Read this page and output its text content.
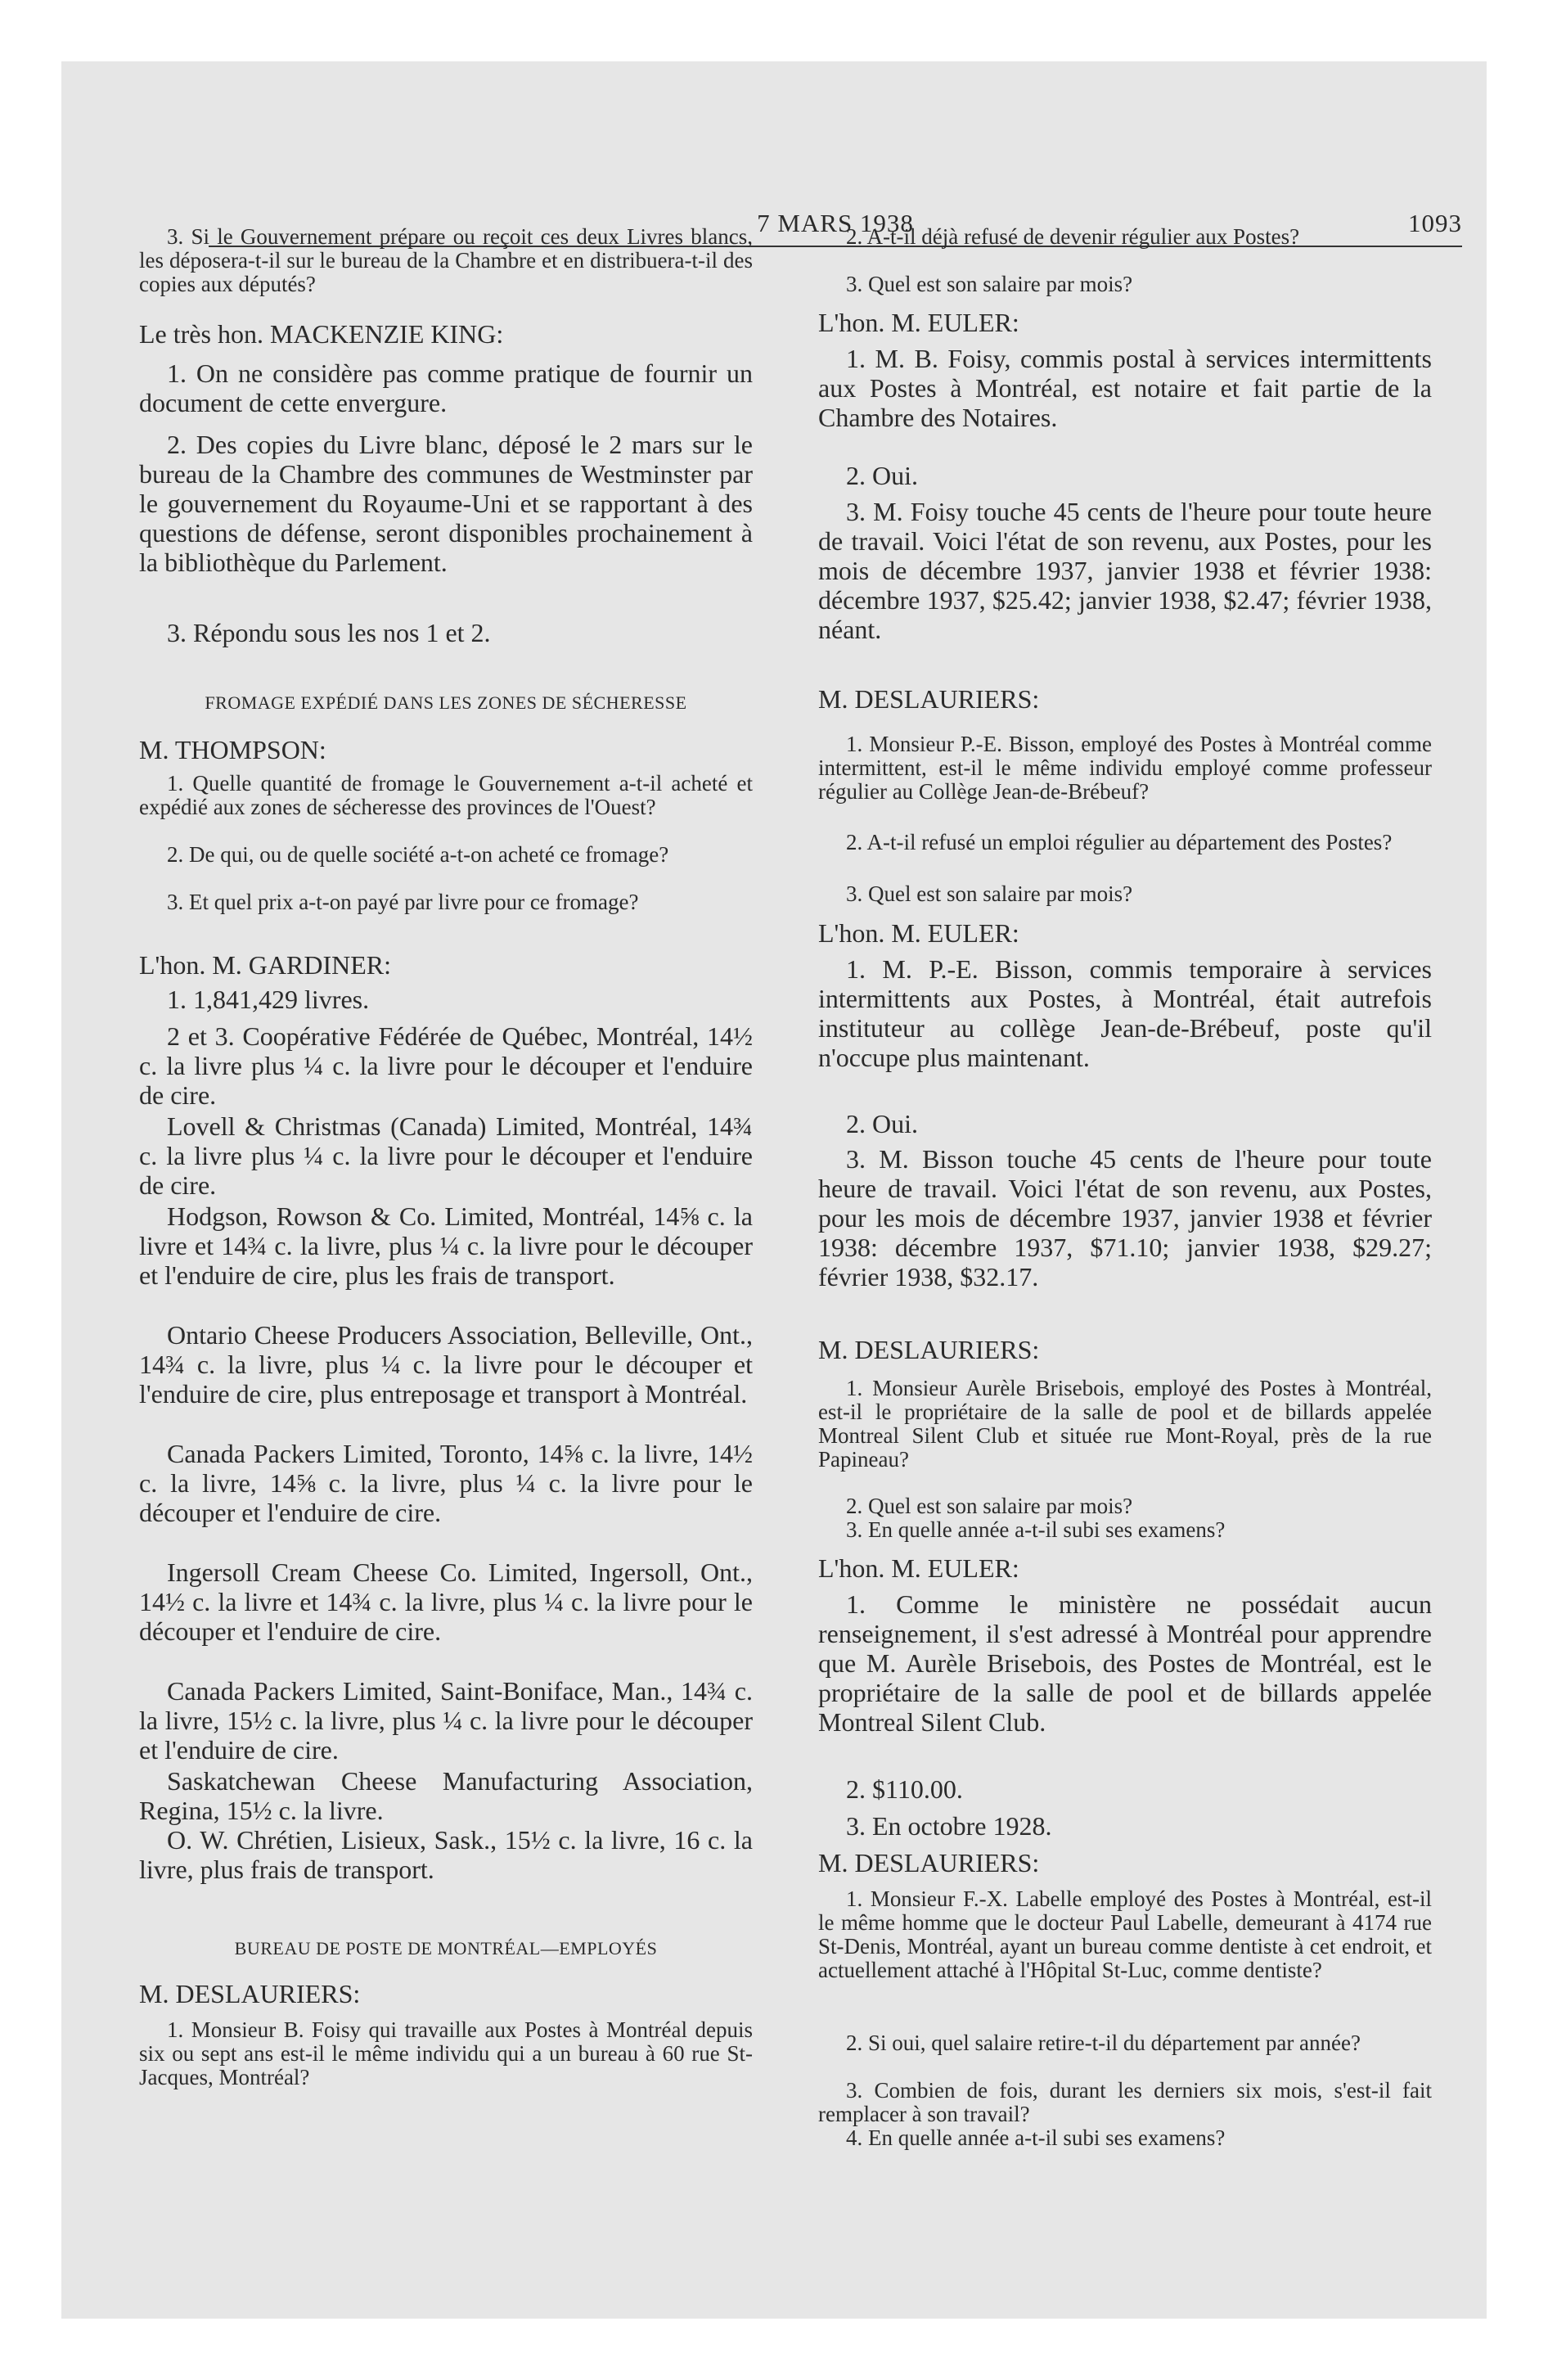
7 MARS 1938	1093

3. Si le Gouvernement prépare ou reçoit ces deux Livres blancs, les déposera-t-il sur le bureau de la Chambre et en distribuera-t-il des copies aux députés?

Le très hon. MACKENZIE KING:

1. On ne considère pas comme pratique de fournir un document de cette envergure.

2. Des copies du Livre blanc, déposé le 2 mars sur le bureau de la Chambre des communes de Westminster par le gouvernement du Royaume-Uni et se rapportant à des questions de défense, seront disponibles prochainement à la bibliothèque du Parlement.

3. Répondu sous les nos 1 et 2.

FROMAGE EXPÉDIÉ DANS LES ZONES DE SÉCHERESSE

M. THOMPSON:

1. Quelle quantité de fromage le Gouvernement a-t-il acheté et expédié aux zones de sécheresse des provinces de l'Ouest?

2. De qui, ou de quelle société a-t-on acheté ce fromage?

3. Et quel prix a-t-on payé par livre pour ce fromage?

L'hon. M. GARDINER:

1. 1,841,429 livres.

2 et 3. Coopérative Fédérée de Québec, Montréal, 14½ c. la livre plus ¼ c. la livre pour le découper et l'enduire de cire.

Lovell & Christmas (Canada) Limited, Montréal, 14¾ c. la livre plus ¼ c. la livre pour le découper et l'enduire de cire.

Hodgson, Rowson & Co. Limited, Montréal, 14⅝ c. la livre et 14¾ c. la livre, plus ¼ c. la livre pour le découper et l'enduire de cire, plus les frais de transport.

Ontario Cheese Producers Association, Belleville, Ont., 14¾ c. la livre, plus ¼ c. la livre pour le découper et l'enduire de cire, plus entreposage et transport à Montréal.

Canada Packers Limited, Toronto, 14⅝ c. la livre, 14½ c. la livre, 14⅝ c. la livre, plus ¼ c. la livre pour le découper et l'enduire de cire.

Ingersoll Cream Cheese Co. Limited, Ingersoll, Ont., 14½ c. la livre et 14¾ c. la livre, plus ¼ c. la livre pour le découper et l'enduire de cire.

Canada Packers Limited, Saint-Boniface, Man., 14¾ c. la livre, 15½ c. la livre, plus ¼ c. la livre pour le découper et l'enduire de cire.

Saskatchewan Cheese Manufacturing Association, Regina, 15½ c. la livre.

O. W. Chrétien, Lisieux, Sask., 15½ c. la livre, 16 c. la livre, plus frais de transport.

BUREAU DE POSTE DE MONTRÉAL—EMPLOYÉS

M. DESLAURIERS:

1. Monsieur B. Foisy qui travaille aux Postes à Montréal depuis six ou sept ans est-il le même individu qui a un bureau à 60 rue St-Jacques, Montréal?

2. A-t-il déjà refusé de devenir régulier aux Postes?

3. Quel est son salaire par mois?

L'hon. M. EULER:

1. M. B. Foisy, commis postal à services intermittents aux Postes à Montréal, est notaire et fait partie de la Chambre des Notaires.

2. Oui.

3. M. Foisy touche 45 cents de l'heure pour toute heure de travail. Voici l'état de son revenu, aux Postes, pour les mois de décembre 1937, janvier 1938 et février 1938: décembre 1937, $25.42; janvier 1938, $2.47; février 1938, néant.

M. DESLAURIERS:

1. Monsieur P.-E. Bisson, employé des Postes à Montréal comme intermittent, est-il le même individu employé comme professeur régulier au Collège Jean-de-Brébeuf?

2. A-t-il refusé un emploi régulier au département des Postes?

3. Quel est son salaire par mois?

L'hon. M. EULER:

1. M. P.-E. Bisson, commis temporaire à services intermittents aux Postes, à Montréal, était autrefois instituteur au collège Jean-de-Brébeuf, poste qu'il n'occupe plus maintenant.

2. Oui.

3. M. Bisson touche 45 cents de l'heure pour toute heure de travail. Voici l'état de son revenu, aux Postes, pour les mois de décembre 1937, janvier 1938 et février 1938: décembre 1937, $71.10; janvier 1938, $29.27; février 1938, $32.17.

M. DESLAURIERS:

1. Monsieur Aurèle Brisebois, employé des Postes à Montréal, est-il le propriétaire de la salle de pool et de billards appelée Montreal Silent Club et située rue Mont-Royal, près de la rue Papineau?

2. Quel est son salaire par mois?

3. En quelle année a-t-il subi ses examens?

L'hon. M. EULER:

1. Comme le ministère ne possédait aucun renseignement, il s'est adressé à Montréal pour apprendre que M. Aurèle Brisebois, des Postes de Montréal, est le propriétaire de la salle de pool et de billards appelée Montreal Silent Club.

2. $110.00.

3. En octobre 1928.

M. DESLAURIERS:

1. Monsieur F.-X. Labelle employé des Postes à Montréal, est-il le même homme que le docteur Paul Labelle, demeurant à 4174 rue St-Denis, Montréal, ayant un bureau comme dentiste à cet endroit, et actuellement attaché à l'Hôpital St-Luc, comme dentiste?

2. Si oui, quel salaire retire-t-il du département par année?

3. Combien de fois, durant les derniers six mois, s'est-il fait remplacer à son travail?

4. En quelle année a-t-il subi ses examens?
